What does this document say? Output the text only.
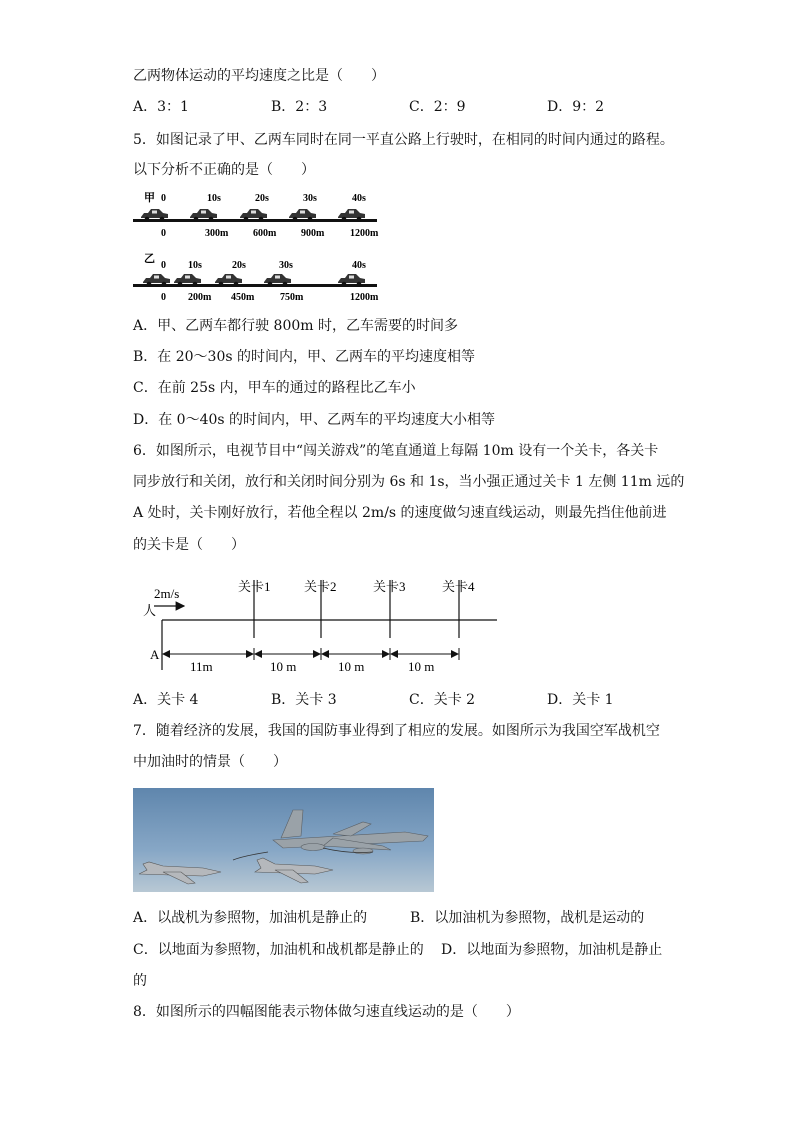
乙两物体运动的平均速度之比是（　　）
A．3：1	B．2：3	C．2：9	D．9：2
5．如图记录了甲、乙两车同时在同一平直公路上行驶时，在相同的时间内通过的路程。
以下分析不正确的是（　　）
甲 0	10s	20s	30s	40s
0	300m 600m 900m	1200m
乙
0 10s	20s	30s	40s
0 200m 450m	750m	1200m
A．甲、乙两车都行驶 800m 时，乙车需要的时间多
B．在 20～30s 的时间内，甲、乙两车的平均速度相等
C．在前 25s 内，甲车的通过的路程比乙车小
D．在 0～40s 的时间内，甲、乙两车的平均速度大小相等
6．如图所示，电视节目中“闯关游戏”的笔直通道上每隔 10m 设有一个关卡，各关卡
同步放行和关闭，放行和关闭时间分别为 6s 和 1s，当小强正通过关卡 1 左侧 11m 远的
A 处时，关卡刚好放行，若他全程以 2m/s 的速度做匀速直线运动，则最先挡住他前进
的关卡是（　　）
2m/s
人
A
关卡1	关卡2	关卡3	关卡4
11m	10 m	10 m	10 m
A．关卡 4	B．关卡 3	C．关卡 2	D．关卡 1
7．随着经济的发展，我国的国防事业得到了相应的发展。如图所示为我国空军战机空
中加油时的情景（　　）
A．以战机为参照物，加油机是静止的	B．以加油机为参照物，战机是运动的
C．以地面为参照物，加油机和战机都是静止的 D．以地面为参照物，加油机是静止
的
8．如图所示的四幅图能表示物体做匀速直线运动的是（　　）
